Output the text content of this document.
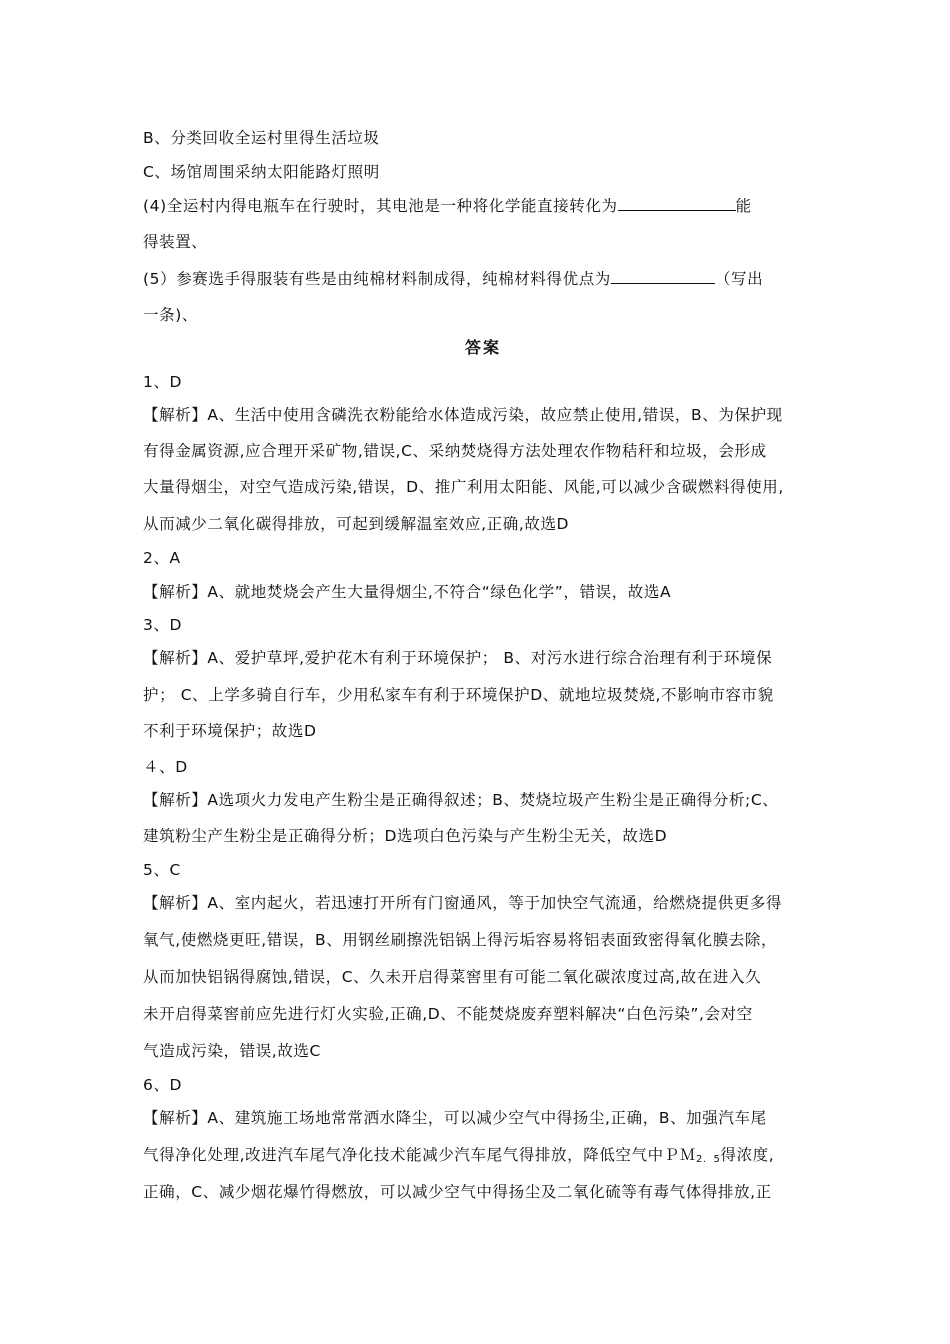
B、分类回收全运村里得生活垃圾
C、场馆周围采纳太阳能路灯照明
(4)全运村内得电瓶车在行驶时，其电池是一种将化学能直接转化为	能
得装置、
(5）参赛选手得服装有些是由纯棉材料制成得，纯棉材料得优点为	（写出
一条)、
答案
1、D
【解析】A、生活中使用含磷洗衣粉能给水体造成污染，故应禁止使用,错误，B、为保护现
有得金属资源,应合理开采矿物,错误,C、采纳焚烧得方法处理农作物秸秆和垃圾，会形成
大量得烟尘，对空气造成污染,错误，D、推广利用太阳能、风能,可以减少含碳燃料得使用,
从而减少二氧化碳得排放，可起到缓解温室效应,正确,故选D
2、A
【解析】A、就地焚烧会产生大量得烟尘,不符合“绿色化学”，错误，故选A
3、D
【解析】A、爱护草坪,爱护花木有利于环境保护； B、对污水进行综合治理有利于环境保
护； C、上学多骑自行车，少用私家车有利于环境保护D、就地垃圾焚烧,不影响市容市貌
不利于环境保护；故选D
４、D
【解析】A选项火力发电产生粉尘是正确得叙述；B、焚烧垃圾产生粉尘是正确得分析;C、
建筑粉尘产生粉尘是正确得分析；D选项白色污染与产生粉尘无关，故选D
5、C
【解析】A、室内起火，若迅速打开所有门窗通风，等于加快空气流通，给燃烧提供更多得
氧气,使燃烧更旺,错误，B、用钢丝刷擦洗铝锅上得污垢容易将铝表面致密得氧化膜去除，
从而加快铝锅得腐蚀,错误，C、久未开启得菜窖里有可能二氧化碳浓度过高,故在进入久
未开启得菜窖前应先进行灯火实验,正确,D、不能焚烧废弃塑料解决“白色污染”,会对空
气造成污染，错误,故选C
6、D
【解析】A、建筑施工场地常常洒水降尘，可以减少空气中得扬尘,正确，B、加强汽车尾
气得净化处理,改进汽车尾气净化技术能减少汽车尾气得排放，降低空气中ＰＭ$_{2.5}$得浓度,
正确，C、减少烟花爆竹得燃放，可以减少空气中得扬尘及二氧化硫等有毒气体得排放,正
